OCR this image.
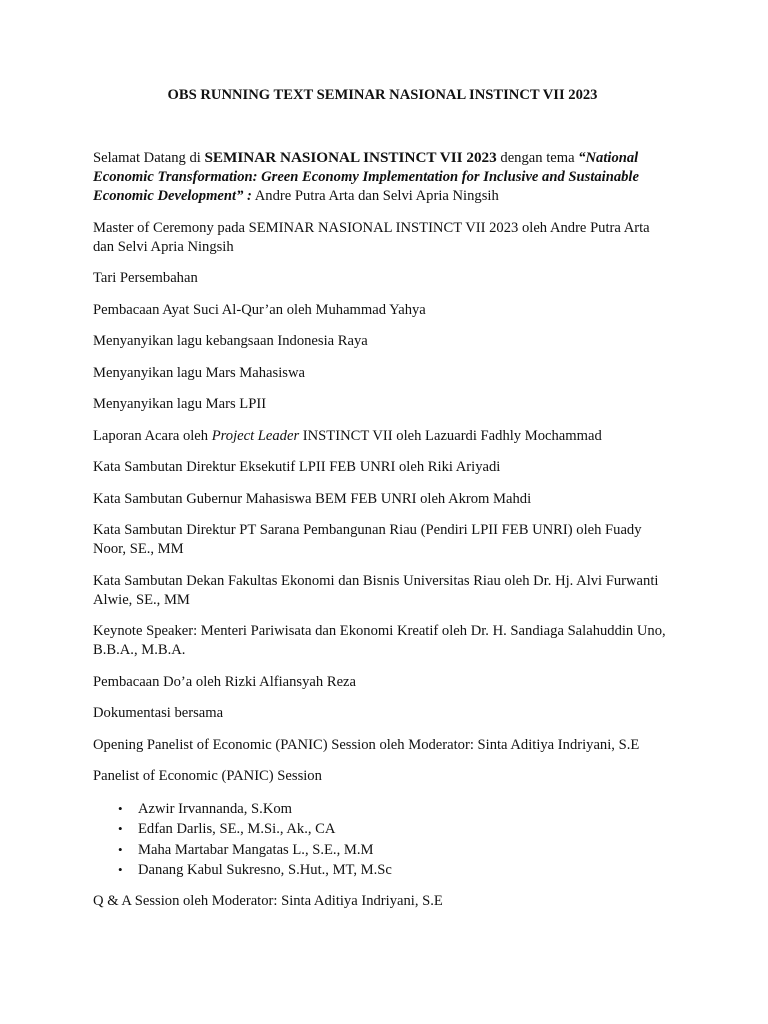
OBS RUNNING TEXT SEMINAR NASIONAL INSTINCT VII 2023

Selamat Datang di SEMINAR NASIONAL INSTINCT VII 2023 dengan tema “National Economic Transformation: Green Economy Implementation for Inclusive and Sustainable Economic Development” : Andre Putra Arta dan Selvi Apria Ningsih

Master of Ceremony pada SEMINAR NASIONAL INSTINCT VII 2023 oleh Andre Putra Arta dan Selvi Apria Ningsih

Tari Persembahan

Pembacaan Ayat Suci Al-Qur’an oleh Muhammad Yahya

Menyanyikan lagu kebangsaan Indonesia Raya

Menyanyikan lagu Mars Mahasiswa

Menyanyikan lagu Mars LPII

Laporan Acara oleh Project Leader INSTINCT VII oleh Lazuardi Fadhly Mochammad

Kata Sambutan Direktur Eksekutif LPII FEB UNRI oleh Riki Ariyadi

Kata Sambutan Gubernur Mahasiswa BEM FEB UNRI oleh Akrom Mahdi

Kata Sambutan Direktur PT Sarana Pembangunan Riau (Pendiri LPII FEB UNRI) oleh Fuady Noor, SE., MM

Kata Sambutan Dekan Fakultas Ekonomi dan Bisnis Universitas Riau oleh Dr. Hj. Alvi Furwanti Alwie, SE., MM

Keynote Speaker: Menteri Pariwisata dan Ekonomi Kreatif oleh Dr. H. Sandiaga Salahuddin Uno, B.B.A., M.B.A.

Pembacaan Do’a oleh Rizki Alfiansyah Reza

Dokumentasi bersama

Opening Panelist of Economic (PANIC) Session oleh Moderator: Sinta Aditiya Indriyani, S.E

Panelist of Economic (PANIC) Session

• Azwir Irvannanda, S.Kom
• Edfan Darlis, SE., M.Si., Ak., CA
• Maha Martabar Mangatas L., S.E., M.M
• Danang Kabul Sukresno, S.Hut., MT, M.Sc

Q & A Session oleh Moderator: Sinta Aditiya Indriyani, S.E
